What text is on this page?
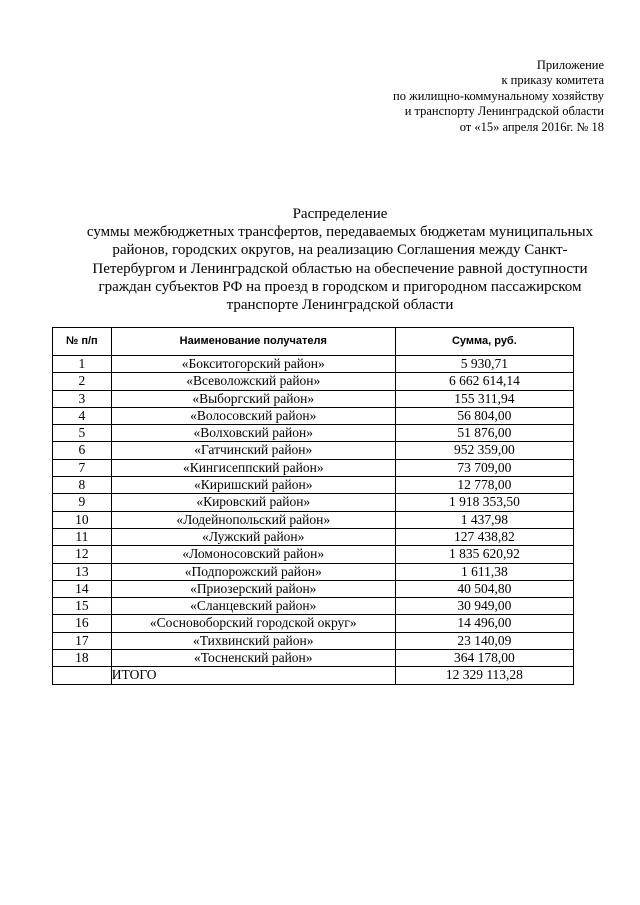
Приложение
к приказу комитета
по жилищно-коммунальному хозяйству
и транспорту Ленинградской области
от «15» апреля 2016г. № 18
Распределение
суммы межбюджетных трансфертов, передаваемых бюджетам муниципальных
районов, городских округов, на реализацию Соглашения между Санкт-
Петербургом и Ленинградской областью на обеспечение равной доступности
граждан субъектов РФ на проезд в городском и пригородном пассажирском
транспорте Ленинградской области
№ п/п	Наименование получателя	Сумма, руб.
1	«Бокситогорский район»	5 930,71
2	«Всеволожский район»	6 662 614,14
3	«Выборгский район»	155 311,94
4	«Волосовский район»	56 804,00
5	«Волховский район»	51 876,00
6	«Гатчинский район»	952 359,00
7	«Кингисеппский район»	73 709,00
8	«Киришский район»	12 778,00
9	«Кировский район»	1 918 353,50
10	«Лодейнопольский район»	1 437,98
11	«Лужский район»	127 438,82
12	«Ломоносовский район»	1 835 620,92
13	«Подпорожский район»	1 611,38
14	«Приозерский район»	40 504,80
15	«Сланцевский район»	30 949,00
16	«Сосновоборский городской округ»	14 496,00
17	«Тихвинский район»	23 140,09
18	«Тосненский район»	364 178,00
	ИТОГО	12 329 113,28
